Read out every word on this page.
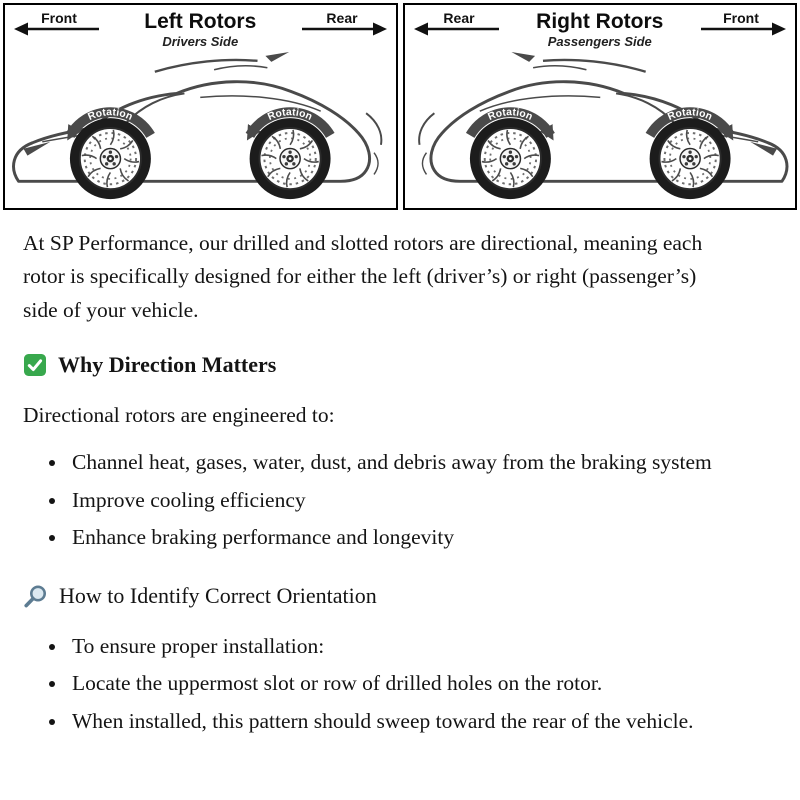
Front	Left Rotors
Drivers Side
Rear
Rotation	Rotation
Rear	Right Rotors
Passengers Side
Front
Rotation	Rotation

At SP Performance, our drilled and slotted rotors are directional, meaning each rotor is specifically designed for either the left (driver’s) or right (passenger’s) side of your vehicle.

Why Direction Matters

Directional rotors are engineered to:

• Channel heat, gases, water, dust, and debris away from the braking system
• Improve cooling efficiency
• Enhance braking performance and longevity
How to Identify Correct Orientation
• To ensure proper installation:
• Locate the uppermost slot or row of drilled holes on the rotor.
• When installed, this pattern should sweep toward the rear of the vehicle.
